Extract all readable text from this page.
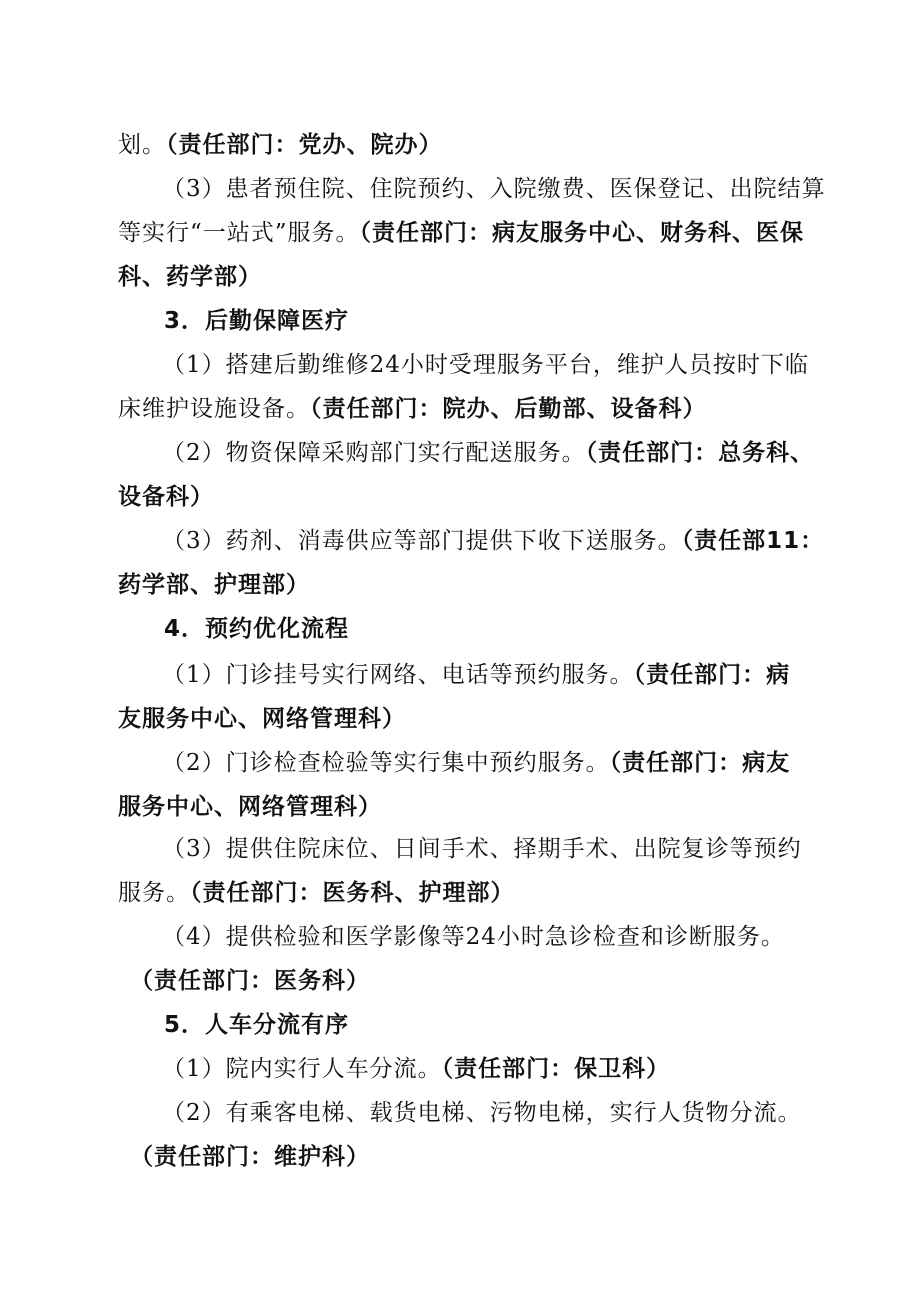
划。（责任部门：党办、院办）
（3）患者预住院、住院预约、入院缴费、医保登记、出院结算
等实行“一站式”服务。（责任部门：病友服务中心、财务科、医保
科、药学部）
3．后勤保障医疗
（1）搭建后勤维修24小时受理服务平台，维护人员按时下临
床维护设施设备。（责任部门：院办、后勤部、设备科）
（2）物资保障采购部门实行配送服务。（责任部门：总务科、
设备科）
（3）药剂、消毒供应等部门提供下收下送服务。（责任部11：
药学部、护理部）
4．预约优化流程
（1）门诊挂号实行网络、电话等预约服务。（责任部门：病
友服务中心、网络管理科）
（2）门诊检查检验等实行集中预约服务。（责任部门：病友
服务中心、网络管理科）
（3）提供住院床位、日间手术、择期手术、出院复诊等预约
服务。（责任部门：医务科、护理部）
（4）提供检验和医学影像等24小时急诊检查和诊断服务。
（责任部门：医务科）
5．人车分流有序
（1）院内实行人车分流。（责任部门：保卫科）
（2）有乘客电梯、载货电梯、污物电梯，实行人货物分流。
（责任部门：维护科）
